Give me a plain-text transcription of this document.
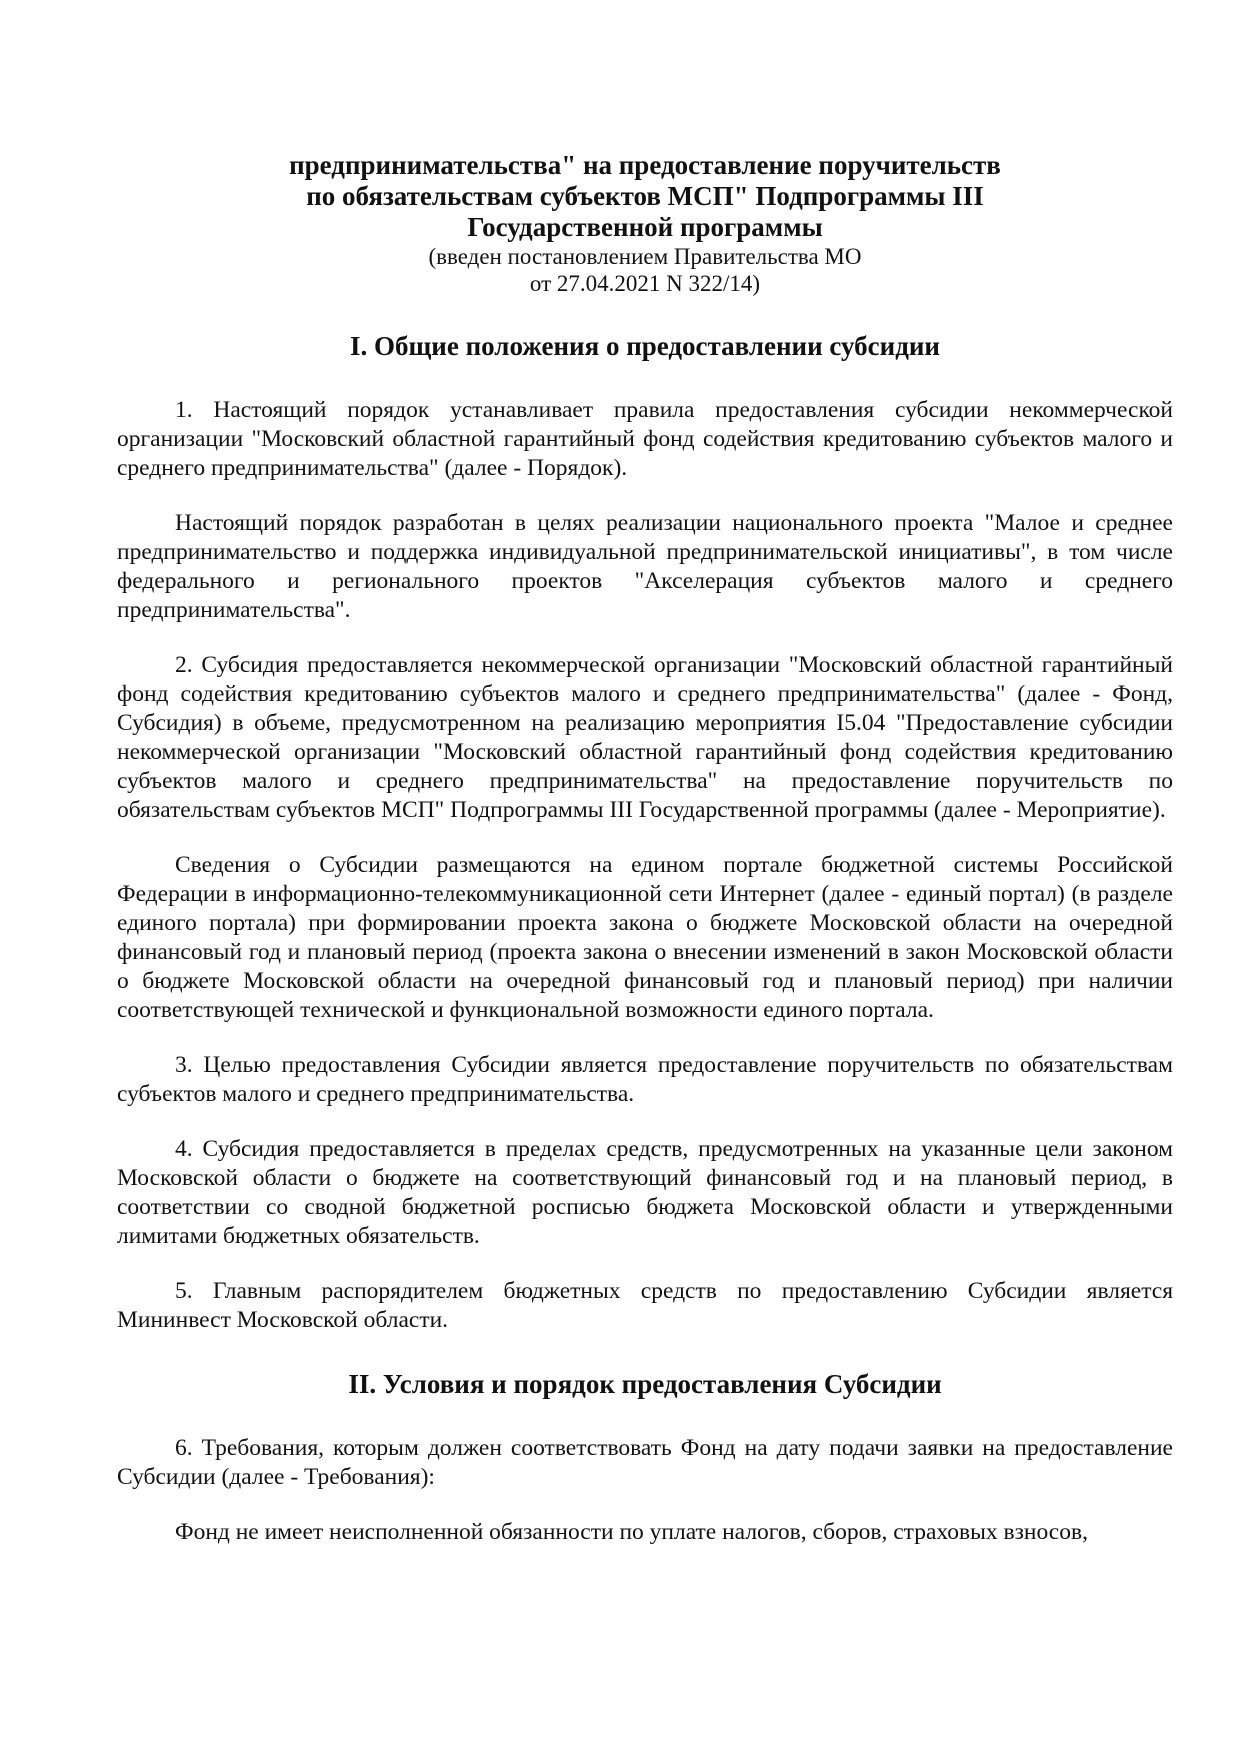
предпринимательства" на предоставление поручительств

по обязательствам субъектов МСП" Подпрограммы III

Государственной программы

(введен постановлением Правительства МО

от 27.04.2021 N 322/14)

I. Общие положения о предоставлении субсидии

1. Настоящий порядок устанавливает правила предоставления субсидии некоммерческой организации "Московский областной гарантийный фонд содействия кредитованию субъектов малого и среднего предпринимательства" (далее - Порядок).

Настоящий порядок разработан в целях реализации национального проекта "Малое и среднее предпринимательство и поддержка индивидуальной предпринимательской инициативы", в том числе федерального и регионального проектов "Акселерация субъектов малого и среднего предпринимательства".

2. Субсидия предоставляется некоммерческой организации "Московский областной гарантийный фонд содействия кредитованию субъектов малого и среднего предпринимательства" (далее - Фонд, Субсидия) в объеме, предусмотренном на реализацию мероприятия I5.04 "Предоставление субсидии некоммерческой организации "Московский областной гарантийный фонд содействия кредитованию субъектов малого и среднего предпринимательства" на предоставление поручительств по обязательствам субъектов МСП" Подпрограммы III Государственной программы (далее - Мероприятие).

Сведения о Субсидии размещаются на едином портале бюджетной системы Российской Федерации в информационно-телекоммуникационной сети Интернет (далее - единый портал) (в разделе единого портала) при формировании проекта закона о бюджете Московской области на очередной финансовый год и плановый период (проекта закона о внесении изменений в закон Московской области о бюджете Московской области на очередной финансовый год и плановый период) при наличии соответствующей технической и функциональной возможности единого портала.

3. Целью предоставления Субсидии является предоставление поручительств по обязательствам субъектов малого и среднего предпринимательства.

4. Субсидия предоставляется в пределах средств, предусмотренных на указанные цели законом Московской области о бюджете на соответствующий финансовый год и на плановый период, в соответствии со сводной бюджетной росписью бюджета Московской области и утвержденными лимитами бюджетных обязательств.

5. Главным распорядителем бюджетных средств по предоставлению Субсидии является Мининвест Московской области.

II. Условия и порядок предоставления Субсидии

6. Требования, которым должен соответствовать Фонд на дату подачи заявки на предоставление Субсидии (далее - Требования):

Фонд не имеет неисполненной обязанности по уплате налогов, сборов, страховых взносов,
